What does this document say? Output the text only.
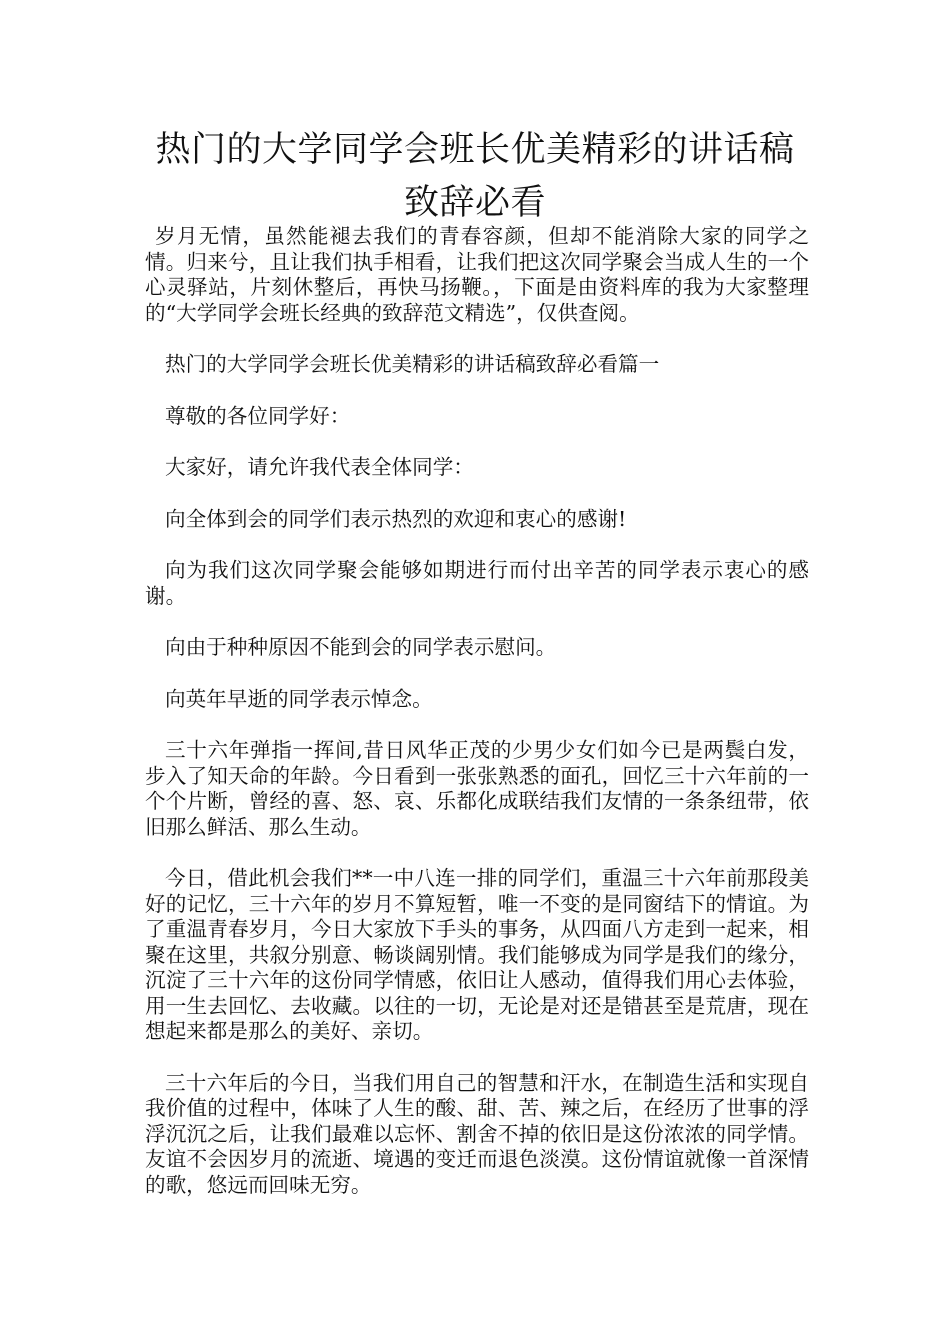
热门的大学同学会班长优美精彩的讲话稿
致辞必看

岁月无情，虽然能褪去我们的青春容颜，但却不能消除大家的同学之情。归来兮，且让我们执手相看，让我们把这次同学聚会当成人生的一个心灵驿站，片刻休整后，再快马扬鞭。，下面是由资料库的我为大家整理的“大学同学会班长经典的致辞范文精选”，仅供查阅。

热门的大学同学会班长优美精彩的讲话稿致辞必看篇一

尊敬的各位同学好：

大家好，请允许我代表全体同学：

向全体到会的同学们表示热烈的欢迎和衷心的感谢!

向为我们这次同学聚会能够如期进行而付出辛苦的同学表示衷心的感谢。

向由于种种原因不能到会的同学表示慰问。

向英年早逝的同学表示悼念。

三十六年弹指一挥间,昔日风华正茂的少男少女们如今已是两鬓白发，步入了知天命的年龄。今日看到一张张熟悉的面孔，回忆三十六年前的一个个片断，曾经的喜、怒、哀、乐都化成联结我们友情的一条条纽带，依旧那么鲜活、那么生动。

今日，借此机会我们**一中八连一排的同学们，重温三十六年前那段美好的记忆，三十六年的岁月不算短暂，唯一不变的是同窗结下的情谊。为了重温青春岁月，今日大家放下手头的事务，从四面八方走到一起来，相聚在这里，共叙分别意、畅谈阔别情。我们能够成为同学是我们的缘分，沉淀了三十六年的这份同学情感，依旧让人感动，值得我们用心去体验，用一生去回忆、去收藏。以往的一切，无论是对还是错甚至是荒唐，现在想起来都是那么的美好、亲切。

三十六年后的今日，当我们用自己的智慧和汗水，在制造生活和实现自我价值的过程中，体味了人生的酸、甜、苦、辣之后，在经历了世事的浮浮沉沉之后，让我们最难以忘怀、割舍不掉的依旧是这份浓浓的同学情。友谊不会因岁月的流逝、境遇的变迁而退色淡漠。这份情谊就像一首深情的歌，悠远而回味无穷。
